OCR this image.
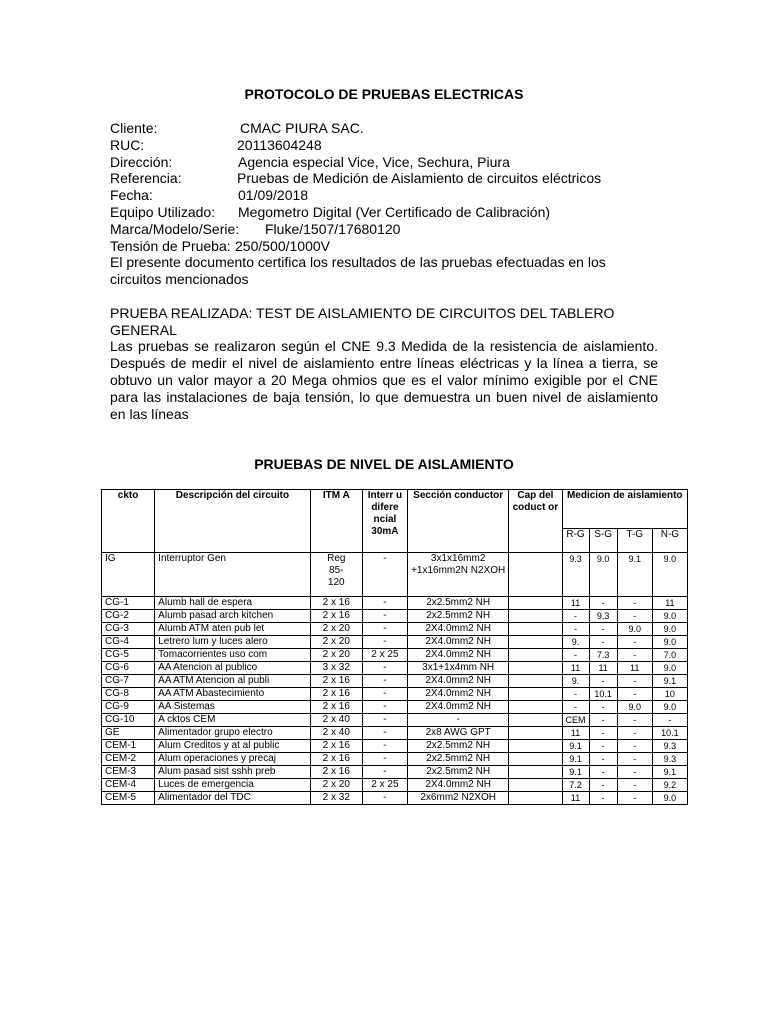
PROTOCOLO DE PRUEBAS ELECTRICAS
Cliente:	CMAC PIURA SAC.
RUC:	20113604248
Dirección:	Agencia especial Vice, Vice, Sechura, Piura
Referencia:	Pruebas de Medición de Aislamiento de circuitos eléctricos
Fecha:	01/09/2018
Equipo Utilizado: Megometro Digital (Ver Certificado de Calibración)
Marca/Modelo/Serie: Fluke/1507/17680120
Tensión de Prueba: 250/500/1000V
El presente documento certifica los resultados de las pruebas efectuadas en los circuitos mencionados
PRUEBA REALIZADA: TEST DE AISLAMIENTO DE CIRCUITOS DEL TABLERO GENERAL
Las pruebas se realizaron según el CNE 9.3 Medida de la resistencia de aislamiento. Después de medir el nivel de aislamiento entre líneas eléctricas y la línea a tierra, se obtuvo un valor mayor a 20 Mega ohmios que es el valor mínimo exigible por el CNE para las instalaciones de baja tensión, lo que demuestra un buen nivel de aislamiento en las líneas
PRUEBAS DE NIVEL DE AISLAMIENTO
ckto	Descripción del circuito	ITM A	Interr u difere ncial 30mA	Sección conductor	Cap del coduct or	Medicion de aislamiento			
						R-G	S-G	T-G	N-G
IG	Interruptor Gen	Reg 85-120	-	3x1x16mm2 +1x16mm2N N2XOH		9.3	9.0	9.1	9.0
CG-1	Alumb hall de espera	2 x 16	-	2x2.5mm2 NH		11	-	-	11
CG-2	Alumb pasad arch kitchen	2 x 16	-	2x2.5mm2 NH		-	9.3	-	9.0
CG-3	Alumb ATM aten pub let	2 x 20	-	2X4.0mm2 NH		-	-	9.0	9.0
CG-4	Letrero lum y luces alero	2 x 20	-	2X4.0mm2 NH		9.	-	-	9.0
CG-5	Tomacorrientes uso com	2 x 20	2 x 25	2X4.0mm2 NH		-	7.3	-	7.0
CG-6	AA Atencion al publico	3 x 32	-	3x1+1x4mm NH		11	11	11	9.0
CG-7	AA ATM Atencion al publi	2 x 16	-	2X4.0mm2 NH		9.	-	-	9.1
CG-8	AA ATM Abastecimiento	2 x 16	-	2X4.0mm2 NH		-	10.1	-	10
CG-9	AA Sistemas	2 x 16	-	2X4.0mm2 NH		-	-	9.0	9.0
CG-10	A cktos CEM	2 x 40	-	-		CEM	-	-	-
GE	Alimentador grupo electro	2 x 40	-	2x8 AWG GPT		11	-	-	10.1
CEM-1	Alum Creditos y at al public	2 x 16	-	2x2.5mm2 NH		9.1	-	-	9.3
CEM-2	Alum operaciones y precaj	2 x 16	-	2x2.5mm2 NH		9.1	-	-	9.3
CEM-3	Alum pasad sist sshh preb	2 x 16	-	2x2.5mm2 NH		9.1	-	-	9.1
CEM-4	Luces de emergencia	2 x 20	2 x 25	2X4.0mm2 NH		7.2	-	-	9.2
CEM-5	Alimentador del TDC	2 x 32	-	2x6mm2 N2XOH		11	-	-	9.0
